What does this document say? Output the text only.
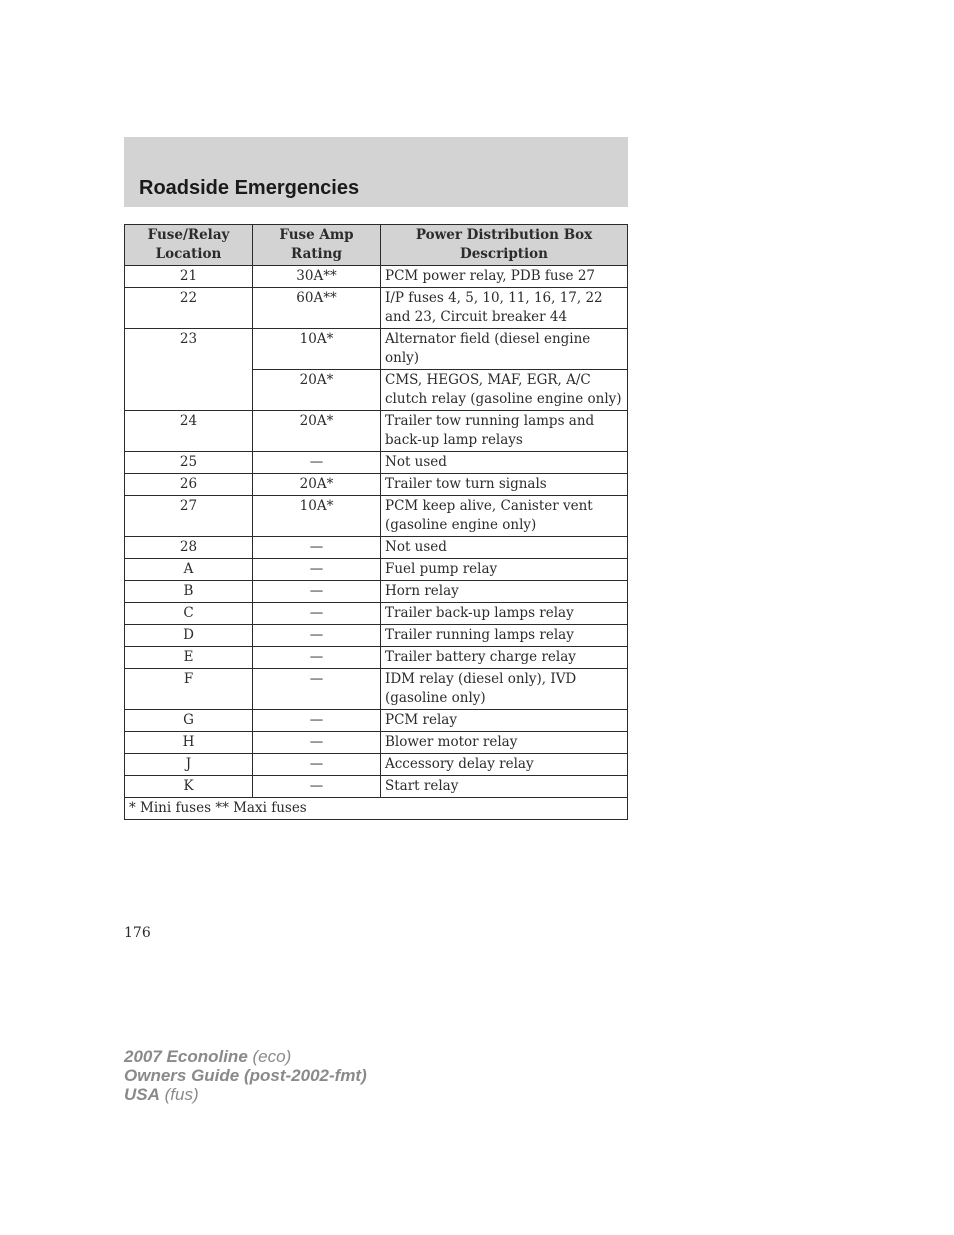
Roadside Emergencies
Fuse/Relay Location	Fuse Amp Rating	Power Distribution Box Description
21	30A**	PCM power relay, PDB fuse 27
22	60A**	I/P fuses 4, 5, 10, 11, 16, 17, 22 and 23, Circuit breaker 44
23	10A*	Alternator field (diesel engine only)
	20A*	CMS, HEGOS, MAF, EGR, A/C clutch relay (gasoline engine only)
24	20A*	Trailer tow running lamps and back-up lamp relays
25	—	Not used
26	20A*	Trailer tow turn signals
27	10A*	PCM keep alive, Canister vent (gasoline engine only)
28	—	Not used
A	—	Fuel pump relay
B	—	Horn relay
C	—	Trailer back-up lamps relay
D	—	Trailer running lamps relay
E	—	Trailer battery charge relay
F	—	IDM relay (diesel only), IVD (gasoline only)
G	—	PCM relay
H	—	Blower motor relay
J	—	Accessory delay relay
K	—	Start relay
* Mini fuses ** Maxi fuses		
176
2007 Econoline (eco)
Owners Guide (post-2002-fmt)
USA (fus)
